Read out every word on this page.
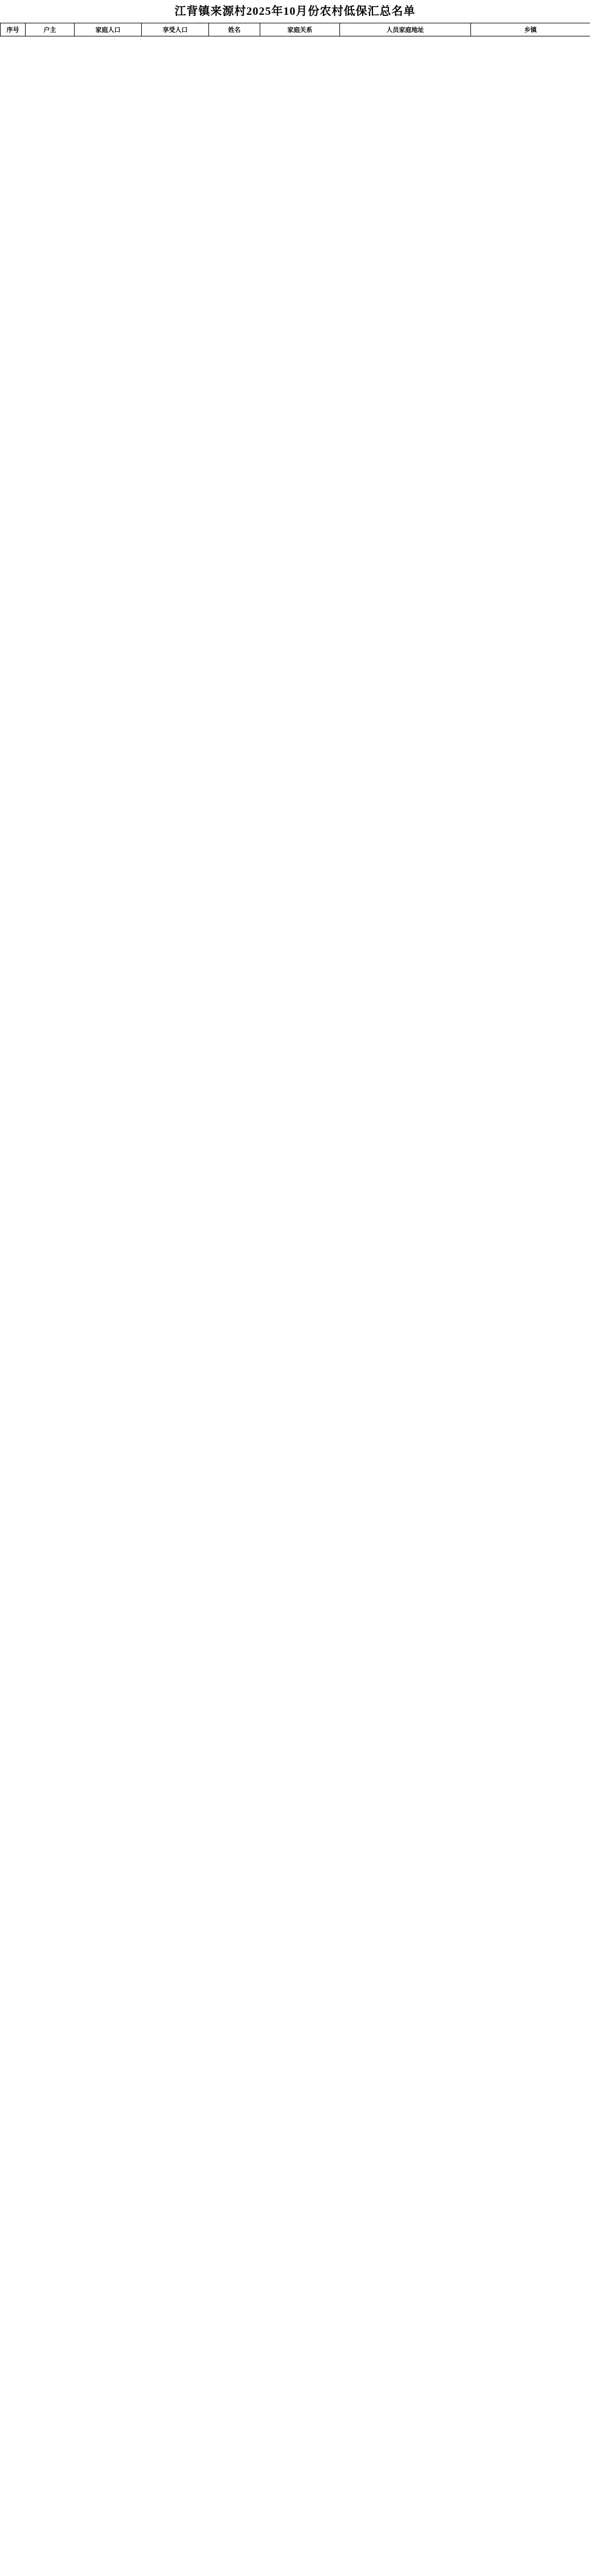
江背镇来源村2025年10月份农村低保汇总名单
序号	户主	家庭人口	享受人口	姓名	家庭关系	人员家庭地址	乡镇
